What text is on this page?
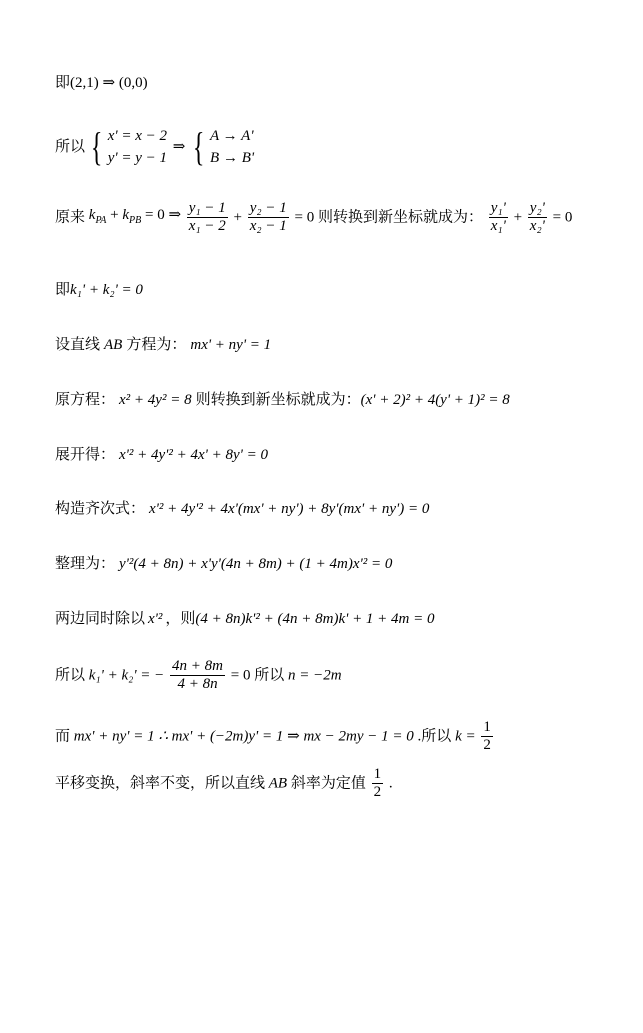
即(2,1) ⇒ (0,0)
所以 { x' = x − 2
y' = y − 1
⇒ { A → A'
B → B'
原来 $k_{PA} + k_{PB} = 0$ ⇒ $\frac{\text{y₁ − 1}}{\text{x₁ − 2}} + \frac{\text{y₂ − 1}}{\text{x₂ − 1}} = 0$ 则转换到新坐标就成为： $\frac{\text{y₁'}}{\text{x₁'}} + \frac{\text{y₂'}}{\text{x₂'}} = 0$
即k₁' + k₂' = 0
设直线 AB 方程为： mx' + ny' = 1
原方程： x² + 4y² = 8 则转换到新坐标就成为：(x' + 2)² + 4(y' + 1)² = 8
展开得： x'² + 4y'² + 4x' + 8y' = 0
构造齐次式： x'² + 4y'² + 4x'(mx' + ny') + 8y'(mx' + ny') = 0
整理为： y'²(4 + 8n) + x'y'(4n + 8m) + (1 + 4m)x'² = 0
两边同时除以 x'² ，则(4 + 8n)k'² + (4n + 8m)k' + 1 + 4m = 0
所以 k₁' + k₂' = − $\frac{4n + 8m}{4 + 8n} = 0$ 所以 n = −2m
而 mx' + ny' = 1 ∴ mx' + (−2m)y' = 1 ⇒ mx − 2my − 1 = 0 .所以 $k = \frac{1}{2}$
平移变换，斜率不变，所以直线 AB 斜率为定值 $\frac{1}{2}$ .
